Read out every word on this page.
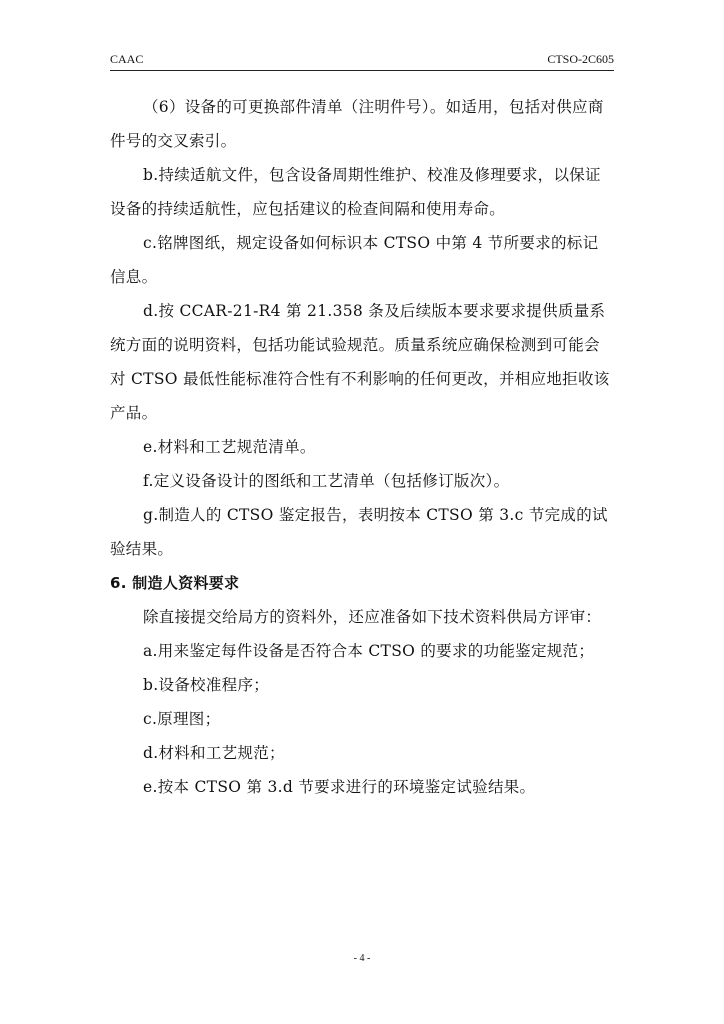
CAAC	CTSO-2C605

（6）设备的可更换部件清单（注明件号）。如适用，包括对供应商件号的交叉索引。

b.持续适航文件，包含设备周期性维护、校准及修理要求，以保证设备的持续适航性，应包括建议的检查间隔和使用寿命。

c.铭牌图纸，规定设备如何标识本 CTSO 中第 4 节所要求的标记信息。

d.按 CCAR-21-R4 第 21.358 条及后续版本要求要求提供质量系统方面的说明资料，包括功能试验规范。质量系统应确保检测到可能会对 CTSO 最低性能标准符合性有不利影响的任何更改，并相应地拒收该产品。

e.材料和工艺规范清单。

f.定义设备设计的图纸和工艺清单（包括修订版次）。

g.制造人的 CTSO 鉴定报告，表明按本 CTSO 第 3.c 节完成的试验结果。

6. 制造人资料要求

除直接提交给局方的资料外，还应准备如下技术资料供局方评审：

a.用来鉴定每件设备是否符合本 CTSO 的要求的功能鉴定规范；

b.设备校准程序；

c.原理图；

d.材料和工艺规范；

e.按本 CTSO 第 3.d 节要求进行的环境鉴定试验结果。

- 4 -
